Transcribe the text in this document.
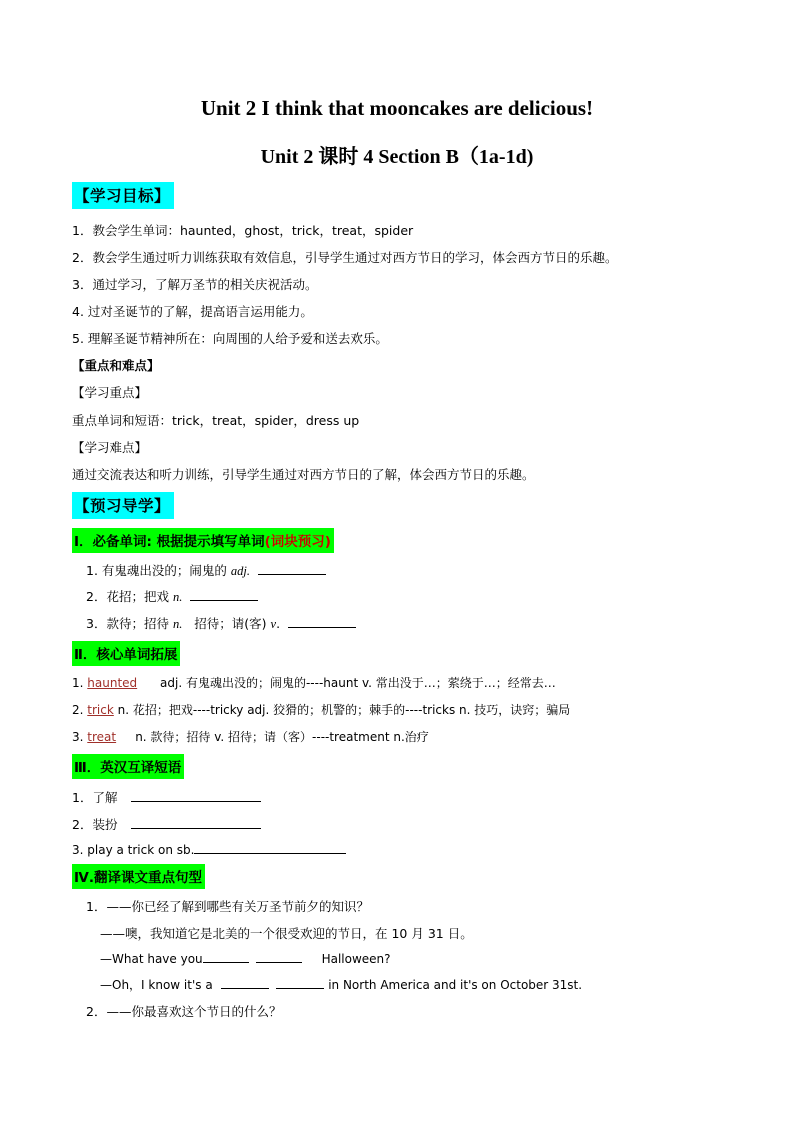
Unit 2 I think that mooncakes are delicious!
Unit 2 课时 4 Section B（1a-1d)
【学习目标】
1．教会学生单词：haunted，ghost，trick，treat，spider
2．教会学生通过听力训练获取有效信息，引导学生通过对西方节日的学习，体会西方节日的乐趣。
3．通过学习，了解万圣节的相关庆祝活动。
4. 过对圣诞节的了解，提高语言运用能力。
5. 理解圣诞节精神所在：向周围的人给予爱和送去欢乐。
【重点和难点】
【学习重点】
重点单词和短语：trick，treat，spider，dress up
【学习难点】
通过交流表达和听力训练，引导学生通过对西方节日的了解，体会西方节日的乐趣。
【预习导学】
Ⅰ．必备单词: 根据提示填写单词(词块预习)
1. 有鬼魂出没的；闹鬼的 adj.
2．花招；把戏 n.
3．款待；招待 n. 招待；请(客) v.
Ⅱ．核心单词拓展
1. haunted adj. 有鬼魂出没的；闹鬼的----haunt v. 常出没于…；萦绕于…；经常去…
2. trick n. 花招；把戏----tricky adj. 狡猾的；机警的；棘手的----tricks n. 技巧，诀窍；骗局
3. treat n. 款待；招待 v. 招待；请（客）----treatment n.治疗
Ⅲ．英汉互译短语
1．了解
2．装扮
3. play a trick on sb.
Ⅳ.翻译课文重点句型
1．——你已经了解到哪些有关万圣节前夕的知识？
——噢，我知道它是北美的一个很受欢迎的节日，在 10 月 31 日。
—What have you	Halloween?
—Oh，I know it's a	in North America and it's on October 31st.
2．——你最喜欢这个节日的什么？
